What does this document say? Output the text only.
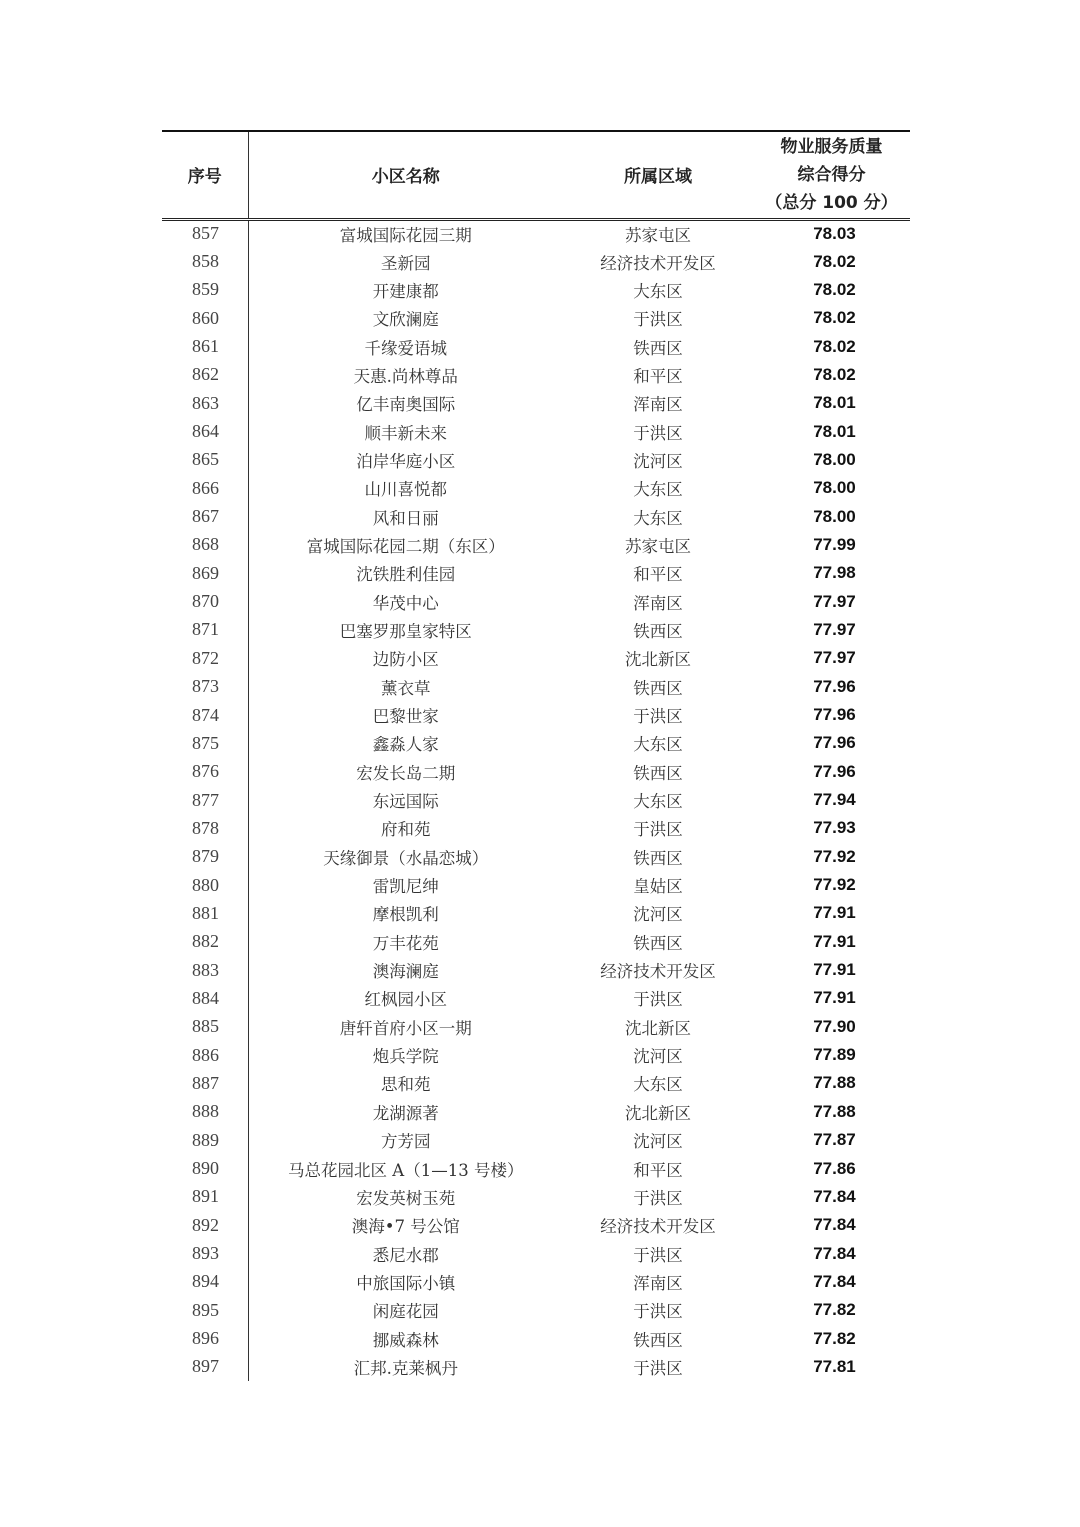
序号	小区名称	所属区域	物业服务质量
综合得分
（总分 100 分）

857	富城国际花园三期	苏家屯区	78.03
858	圣新园	经济技术开发区	78.02
859	开建康都	大东区	78.02
860	文欣澜庭	于洪区	78.02
861	千缘爱语城	铁西区	78.02
862	天惠.尚林尊品	和平区	78.02
863	亿丰南奥国际	浑南区	78.01
864	顺丰新未来	于洪区	78.01
865	泊岸华庭小区	沈河区	78.00
866	山川喜悦都	大东区	78.00
867	风和日丽	大东区	78.00
868	富城国际花园二期（东区）	苏家屯区	77.99
869	沈铁胜利佳园	和平区	77.98
870	华茂中心	浑南区	77.97
871	巴塞罗那皇家特区	铁西区	77.97
872	边防小区	沈北新区	77.97
873	薰衣草	铁西区	77.96
874	巴黎世家	于洪区	77.96
875	鑫淼人家	大东区	77.96
876	宏发长岛二期	铁西区	77.96
877	东远国际	大东区	77.94
878	府和苑	于洪区	77.93
879	天缘御景（水晶恋城）	铁西区	77.92
880	雷凯尼绅	皇姑区	77.92
881	摩根凯利	沈河区	77.91
882	万丰花苑	铁西区	77.91
883	澳海澜庭	经济技术开发区	77.91
884	红枫园小区	于洪区	77.91
885	唐轩首府小区一期	沈北新区	77.90
886	炮兵学院	沈河区	77.89
887	思和苑	大东区	77.88
888	龙湖源著	沈北新区	77.88
889	方芳园	沈河区	77.87
890	马总花园北区 A（1—13 号楼）	和平区	77.86
891	宏发英树玉苑	于洪区	77.84
892	澳海•7 号公馆	经济技术开发区	77.84
893	悉尼水郡	于洪区	77.84
894	中旅国际小镇	浑南区	77.84
895	闲庭花园	于洪区	77.82
896	挪威森林	铁西区	77.82
897	汇邦.克莱枫丹	于洪区	77.81
